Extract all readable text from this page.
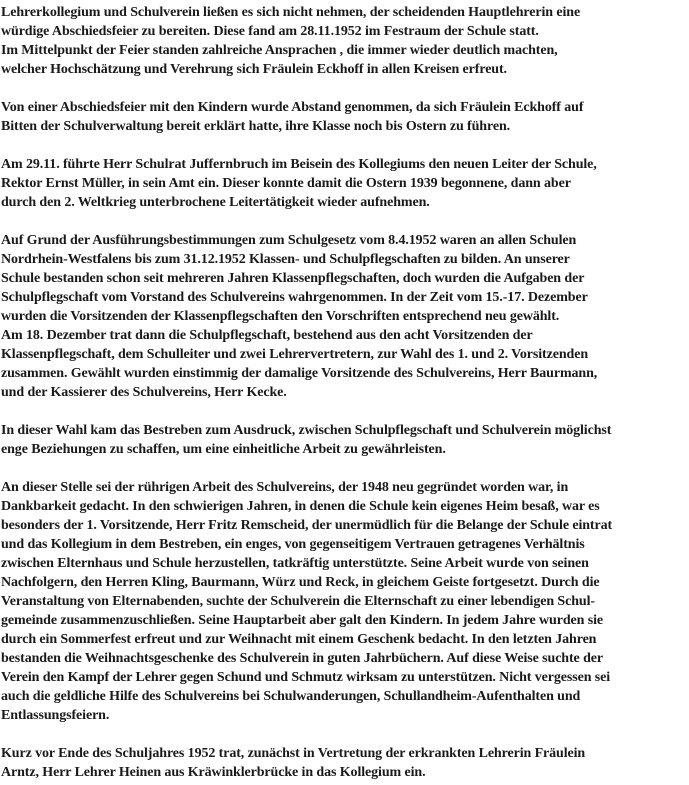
Lehrerkollegium und Schulverein ließen es sich nicht nehmen, der scheidenden Hauptlehrerin eine
würdige Abschiedsfeier zu bereiten. Diese fand am 28.11.1952 im Festraum der Schule statt.
Im Mittelpunkt der Feier standen zahlreiche Ansprachen , die immer wieder deutlich machten,
welcher Hochschätzung und Verehrung sich Fräulein Eckhoff in allen Kreisen erfreut.
Von einer Abschiedsfeier mit den Kindern wurde Abstand genommen, da sich Fräulein Eckhoff auf
Bitten der Schulverwaltung bereit erklärt hatte, ihre Klasse noch bis Ostern zu führen.
Am 29.11. führte Herr Schulrat Juffernbruch im Beisein des Kollegiums den neuen Leiter der Schule,
Rektor Ernst Müller, in sein Amt ein. Dieser konnte damit die Ostern 1939 begonnene, dann aber
durch den 2. Weltkrieg unterbrochene Leitertätigkeit wieder aufnehmen.
Auf Grund der Ausführungsbestimmungen zum Schulgesetz vom 8.4.1952 waren an allen Schulen
Nordrhein-Westfalens bis zum 31.12.1952 Klassen- und Schulpflegschaften zu bilden. An unserer
Schule bestanden schon seit mehreren Jahren Klassenpflegschaften, doch wurden die Aufgaben der
Schulpflegschaft vom Vorstand des Schulvereins wahrgenommen. In der Zeit vom 15.-17. Dezember
wurden die Vorsitzenden der Klassenpflegschaften den Vorschriften entsprechend neu gewählt.
Am 18. Dezember trat dann die Schulpflegschaft, bestehend aus den acht Vorsitzenden der
Klassenpflegschaft, dem Schulleiter und zwei Lehrervertretern, zur Wahl des 1. und 2. Vorsitzenden
zusammen. Gewählt wurden einstimmig der damalige Vorsitzende des Schulvereins, Herr Baurmann,
und der Kassierer des Schulvereins, Herr Kecke.
In dieser Wahl kam das Bestreben zum Ausdruck, zwischen Schulpflegschaft und Schulverein möglichst
enge Beziehungen zu schaffen, um eine einheitliche Arbeit zu gewährleisten.
An dieser Stelle sei der rührigen Arbeit des Schulvereins, der 1948 neu gegründet worden war, in
Dankbarkeit gedacht. In den schwierigen Jahren, in denen die Schule kein eigenes Heim besaß, war es
besonders der 1. Vorsitzende, Herr Fritz Remscheid, der unermüdlich für die Belange der Schule eintrat
und das Kollegium in dem Bestreben, ein enges, von gegenseitigem Vertrauen getragenes Verhältnis
zwischen Elternhaus und Schule herzustellen, tatkräftig unterstützte. Seine Arbeit wurde von seinen
Nachfolgern, den Herren Kling, Baurmann, Würz und Reck, in gleichem Geiste fortgesetzt. Durch die
Veranstaltung von Elternabenden, suchte der Schulverein die Elternschaft zu einer lebendigen Schul-
gemeinde zusammenzuschließen. Seine Hauptarbeit aber galt den Kindern. In jedem Jahre wurden sie
durch ein Sommerfest erfreut und zur Weihnacht mit einem Geschenk bedacht. In den letzten Jahren
bestanden die Weihnachtsgeschenke des Schulverein in guten Jahrbüchern. Auf diese Weise suchte der
Verein den Kampf der Lehrer gegen Schund und Schmutz wirksam zu unterstützen. Nicht vergessen sei
auch die geldliche Hilfe des Schulvereins bei Schulwanderungen, Schullandheim-Aufenthalten und
Entlassungsfeiern.
Kurz vor Ende des Schuljahres 1952 trat, zunächst in Vertretung der erkrankten Lehrerin Fräulein
Arntz, Herr Lehrer Heinen aus Kräwinklerbrücke in das Kollegium ein.
